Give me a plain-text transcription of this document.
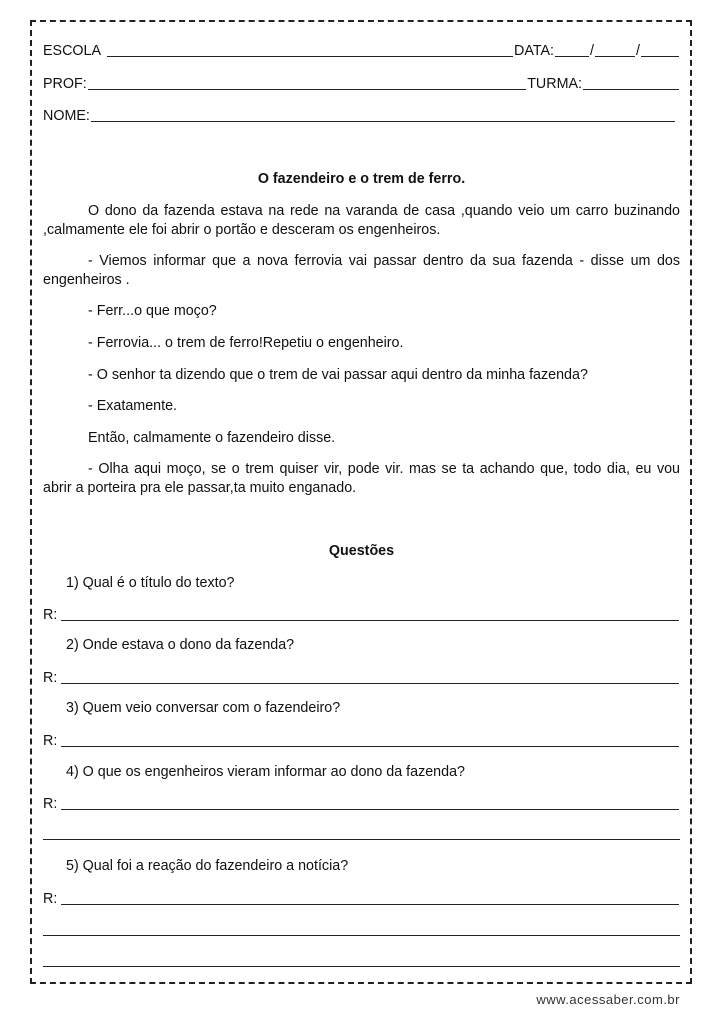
ESCOLA	DATA:	/	/
PROF:	TURMA:
NOME:
O fazendeiro e o trem de ferro.
O dono da fazenda estava na rede na varanda de casa ,quando veio um carro buzinando ,calmamente ele foi abrir o portão e desceram os engenheiros.
- Viemos informar que a nova ferrovia vai passar dentro da sua fazenda - disse um dos engenheiros .
- Ferr...o que moço?
- Ferrovia... o trem de ferro!Repetiu o engenheiro.
- O senhor ta dizendo que o trem de vai passar aqui dentro da minha fazenda?
- Exatamente.
Então, calmamente o fazendeiro disse.
- Olha aqui moço, se o trem quiser vir, pode vir. mas se ta achando que, todo dia, eu vou abrir a porteira pra ele passar,ta muito enganado.
Questões
1) Qual é o título do texto?
R:
2) Onde estava o dono da fazenda?
R:
3) Quem veio conversar com o fazendeiro?
R:
4) O que os engenheiros vieram informar ao dono da fazenda?
R:
5) Qual foi a reação do fazendeiro a notícia?
R:
www.acessaber.com.br
